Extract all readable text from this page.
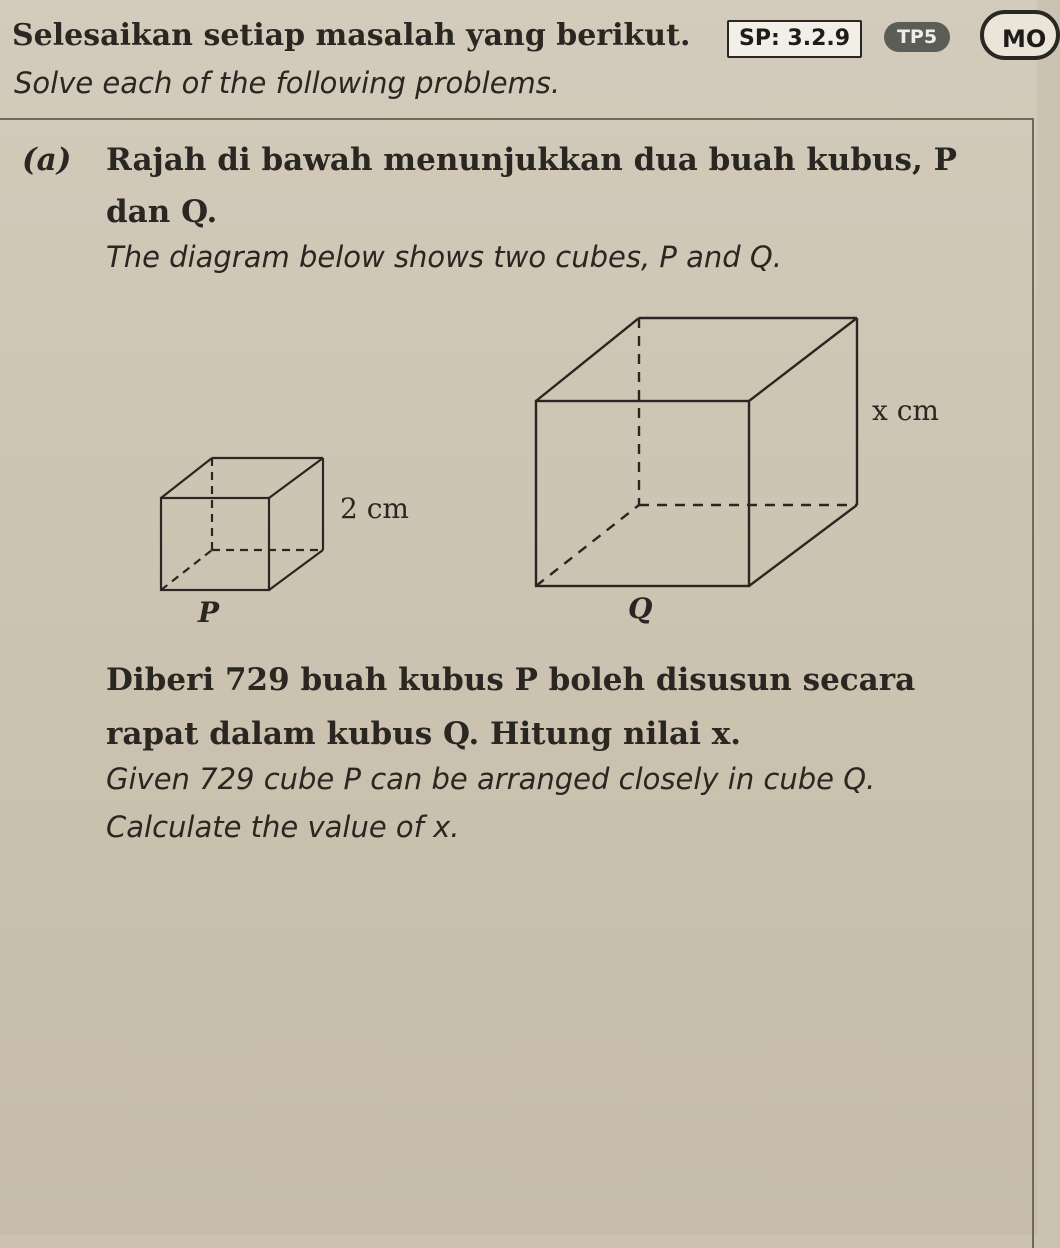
Selesaikan setiap masalah yang berikut.	SP: 3.2.9	TP5	MO
Solve each of the following problems.
(a) Rajah di bawah menunjukkan dua buah kubus, P
dan Q.
The diagram below shows two cubes, P and Q.
2 cm
P
x cm
Q
Diberi 729 buah kubus P boleh disusun secara
rapat dalam kubus Q. Hitung nilai x.
Given 729 cube P can be arranged closely in cube Q.
Calculate the value of x.
